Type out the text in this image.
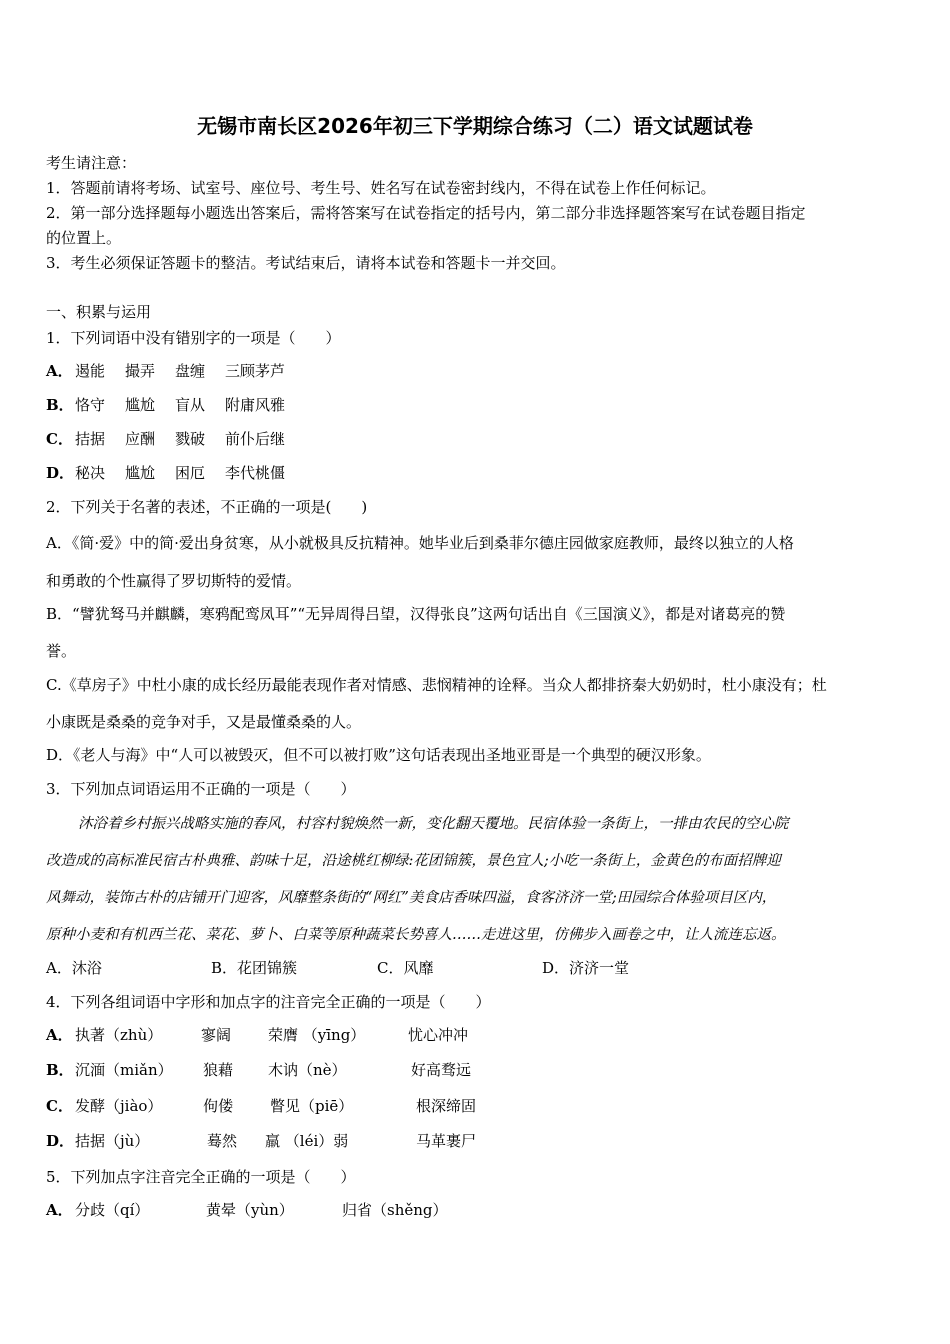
无锡市南长区2026年初三下学期综合练习（二）语文试题试卷
考生请注意：
1．答题前请将考场、试室号、座位号、考生号、姓名写在试卷密封线内，不得在试卷上作任何标记。
2．第一部分选择题每小题选出答案后，需将答案写在试卷指定的括号内，第二部分非选择题答案写在试卷题目指定
的位置上。
3．考生必须保证答题卡的整洁。考试结束后，请将本试卷和答题卡一并交回。
一、积累与运用
1．下列词语中没有错别字的一项是（　　）
A． 遏能 撮弄 盘缠 三顾茅芦
B． 恪守 尴尬 盲从 附庸风雅
C． 拮据 应酬 戮破 前仆后继
D． 秘决 尴尬 困厄 李代桃僵
2．下列关于名著的表述，不正确的一项是(　　)
A．《简·爱》中的简·爱出身贫寒，从小就极具反抗精神。她毕业后到桑菲尔德庄园做家庭教师，最终以独立的人格
和勇敢的个性赢得了罗切斯特的爱情。
B．“譬犹驽马并麒麟，寒鸦配鸾凤耳”“无异周得吕望，汉得张良”这两句话出自《三国演义》，都是对诸葛亮的赞
誉。
C.《草房子》中杜小康的成长经历最能表现作者对情感、悲悯精神的诠释。当众人都排挤秦大奶奶时，杜小康没有；杜
小康既是桑桑的竞争对手，又是最懂桑桑的人。
D．《老人与海》中“人可以被毁灭，但不可以被打败”这句话表现出圣地亚哥是一个典型的硬汉形象。
3．下列加点词语运用不正确的一项是（　　）
沐浴着乡村振兴战略实施的春风，村容村貌焕然一新，变化翻天覆地。民宿体验一条街上，一排由农民的空心院
改造成的高标准民宿古朴典雅、韵味十足，沿途桃红柳绿:花团锦簇，景色宜人;小吃一条街上，金黄色的布面招牌迎
风舞动，装饰古朴的店铺开门迎客，风靡整条街的“网红”美食店香味四溢，食客济济一堂;田园综合体验项目区内，
原种小麦和有机西兰花、菜花、萝卜、白菜等原种蔬菜长势喜人……走进这里，仿佛步入画卷之中，让人流连忘返。
A．沐浴	B．花团锦簇	C．风靡	D．济济一堂
4．下列各组词语中字形和加点字的注音完全正确的一项是（　　）
A． 执著（zhù）	寥阔 荣膺 （yīng）	忧心冲冲
B． 沉湎（miǎn） 狼藉 木讷（nè）	好高骛远
C． 发酵（jiào）	佝偻 瞥见（piē）	根深缔固
D． 拮据（jù）	蓦然 羸 （léi）弱	马革裹尸
5．下列加点字注音完全正确的一项是（　　）
A． 分歧（qí）	黄晕（yùn）	归省（shěng）
